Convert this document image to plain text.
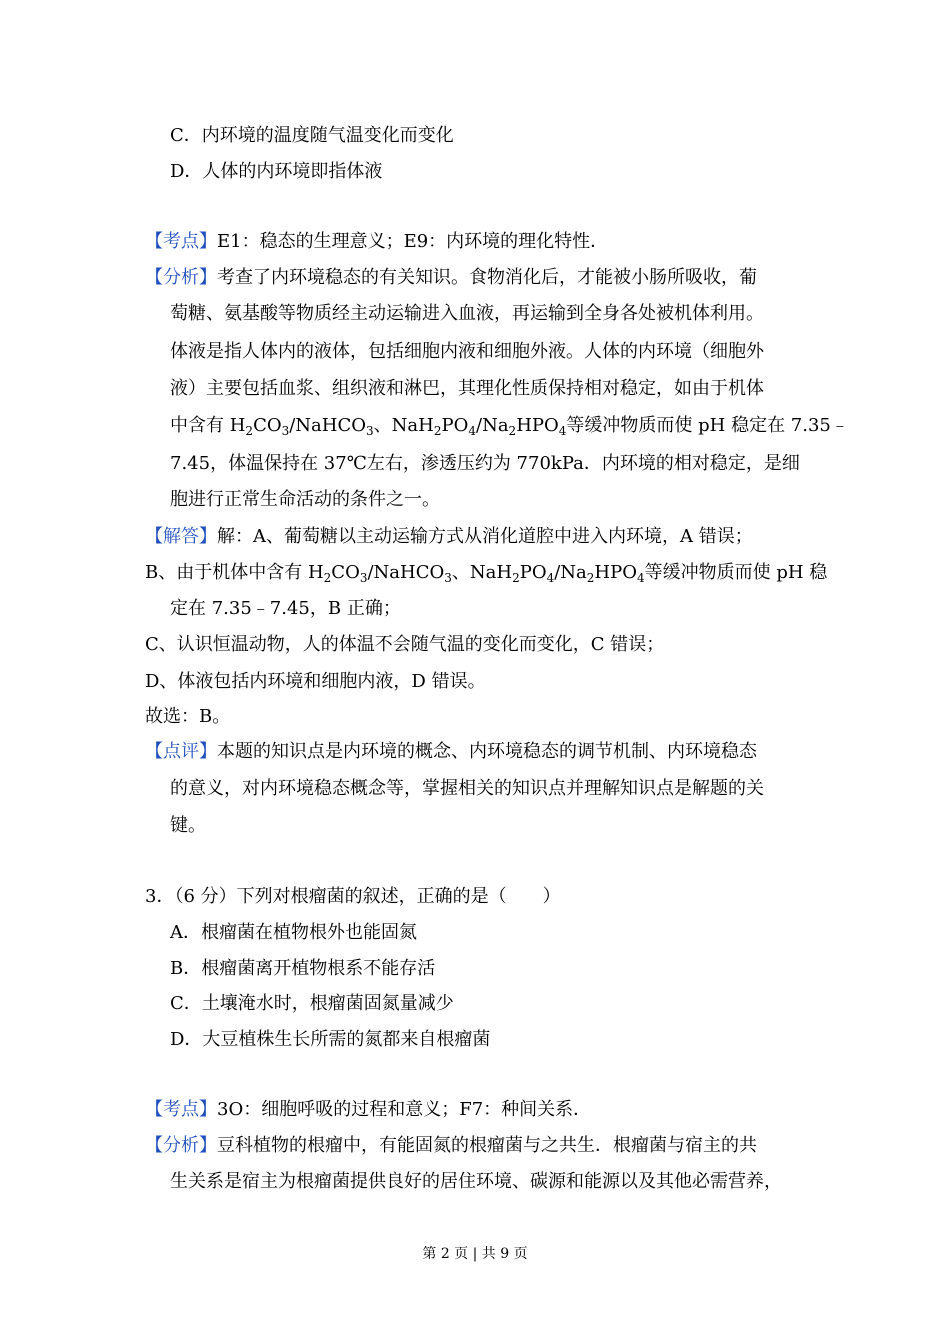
C．内环境的温度随气温变化而变化
D．人体的内环境即指体液
【考点】E1：稳态的生理意义；E9：内环境的理化特性．
【分析】考查了内环境稳态的有关知识。食物消化后，才能被小肠所吸收，葡
萄糖、氨基酸等物质经主动运输进入血液，再运输到全身各处被机体利用。
体液是指人体内的液体，包括细胞内液和细胞外液。人体的内环境（细胞外
液）主要包括血浆、组织液和淋巴，其理化性质保持相对稳定，如由于机体
中含有 $H_2CO_3/NaHCO_3$、$NaH_2PO_4/Na_2HPO_4$等缓冲物质而使 pH 稳定在 7.35﹣
7.45，体温保持在 37℃左右，渗透压约为 770kPa．内环境的相对稳定，是细
胞进行正常生命活动的条件之一。
【解答】解：A、葡萄糖以主动运输方式从消化道腔中进入内环境，A 错误；
B、由于机体中含有 $H_2CO_3/NaHCO_3$、$NaH_2PO_4/Na_2HPO_4$等缓冲物质而使 pH 稳
定在 7.35﹣7.45，B 正确；
C、认识恒温动物，人的体温不会随气温的变化而变化，C 错误；
D、体液包括内环境和细胞内液，D 错误。
故选：B。
【点评】本题的知识点是内环境的概念、内环境稳态的调节机制、内环境稳态
的意义，对内环境稳态概念等，掌握相关的知识点并理解知识点是解题的关
键。
3．（6 分）下列对根瘤菌的叙述，正确的是（　　）
A．根瘤菌在植物根外也能固氮
B．根瘤菌离开植物根系不能存活
C．土壤淹水时，根瘤菌固氮量减少
D．大豆植株生长所需的氮都来自根瘤菌
【考点】3O：细胞呼吸的过程和意义；F7：种间关系．
【分析】豆科植物的根瘤中，有能固氮的根瘤菌与之共生．根瘤菌与宿主的共
生关系是宿主为根瘤菌提供良好的居住环境、碳源和能源以及其他必需营养，
第 2 页 | 共 9 页
